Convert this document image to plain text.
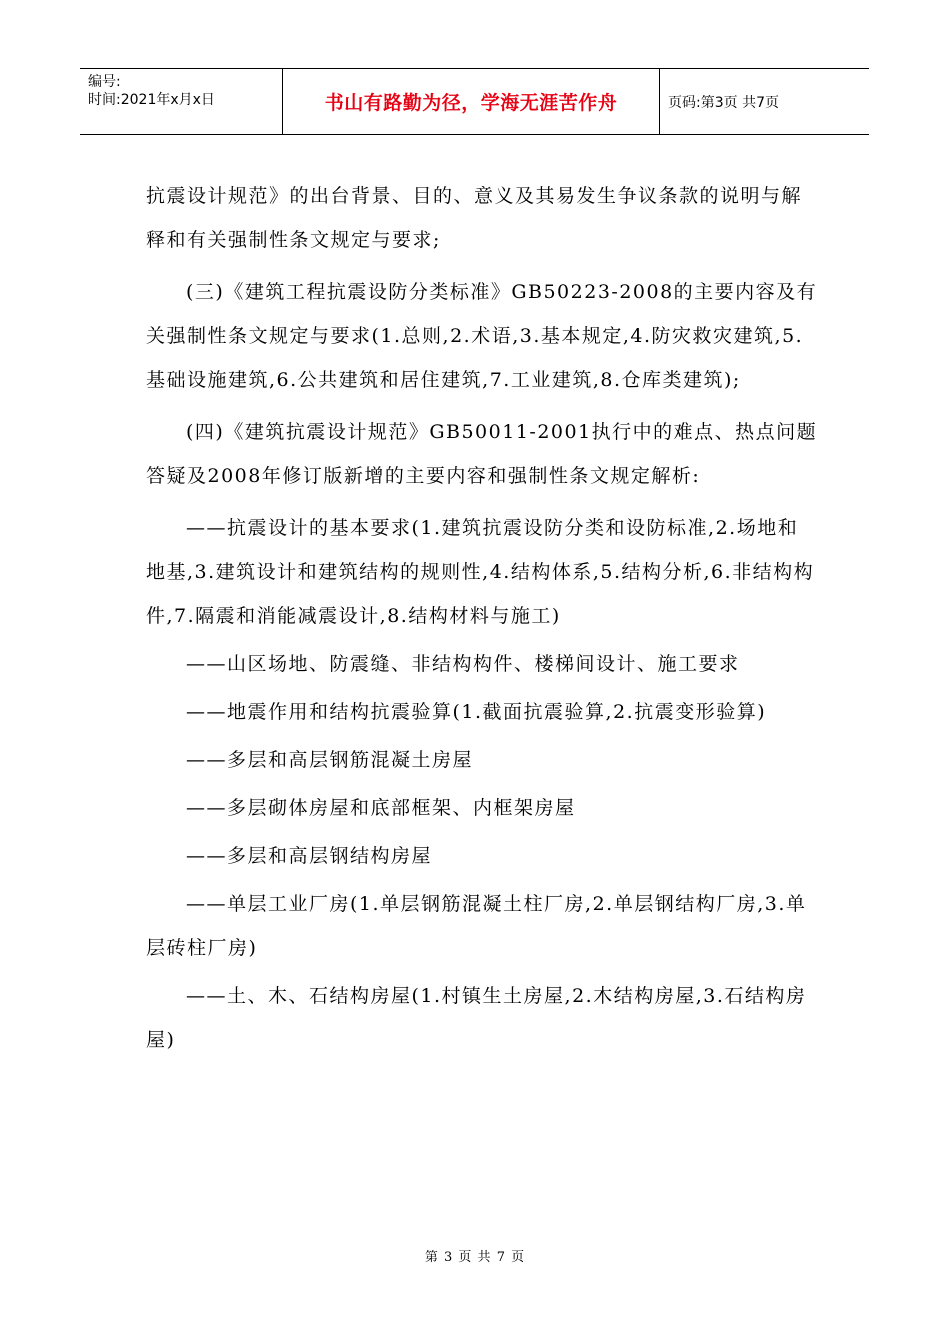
编号:
时间:2021年x月x日	书山有路勤为径，学海无涯苦作舟	页码:第3页 共7页

抗震设计规范》的出台背景、目的、意义及其易发生争议条款的说明与解释和有关强制性条文规定与要求;

(三)《建筑工程抗震设防分类标准》GB50223-2008的主要内容及有关强制性条文规定与要求(1.总则,2.术语,3.基本规定,4.防灾救灾建筑,5.基础设施建筑,6.公共建筑和居住建筑,7.工业建筑,8.仓库类建筑);

(四)《建筑抗震设计规范》GB50011-2001执行中的难点、热点问题答疑及2008年修订版新增的主要内容和强制性条文规定解析:

——抗震设计的基本要求(1.建筑抗震设防分类和设防标准,2.场地和地基,3.建筑设计和建筑结构的规则性,4.结构体系,5.结构分析,6.非结构构件,7.隔震和消能减震设计,8.结构材料与施工)

——山区场地、防震缝、非结构构件、楼梯间设计、施工要求

——地震作用和结构抗震验算(1.截面抗震验算,2.抗震变形验算)

——多层和高层钢筋混凝土房屋

——多层砌体房屋和底部框架、内框架房屋

——多层和高层钢结构房屋

——单层工业厂房(1.单层钢筋混凝土柱厂房,2.单层钢结构厂房,3.单层砖柱厂房)

——土、木、石结构房屋(1.村镇生土房屋,2.木结构房屋,3.石结构房屋)

第 3 页 共 7 页
